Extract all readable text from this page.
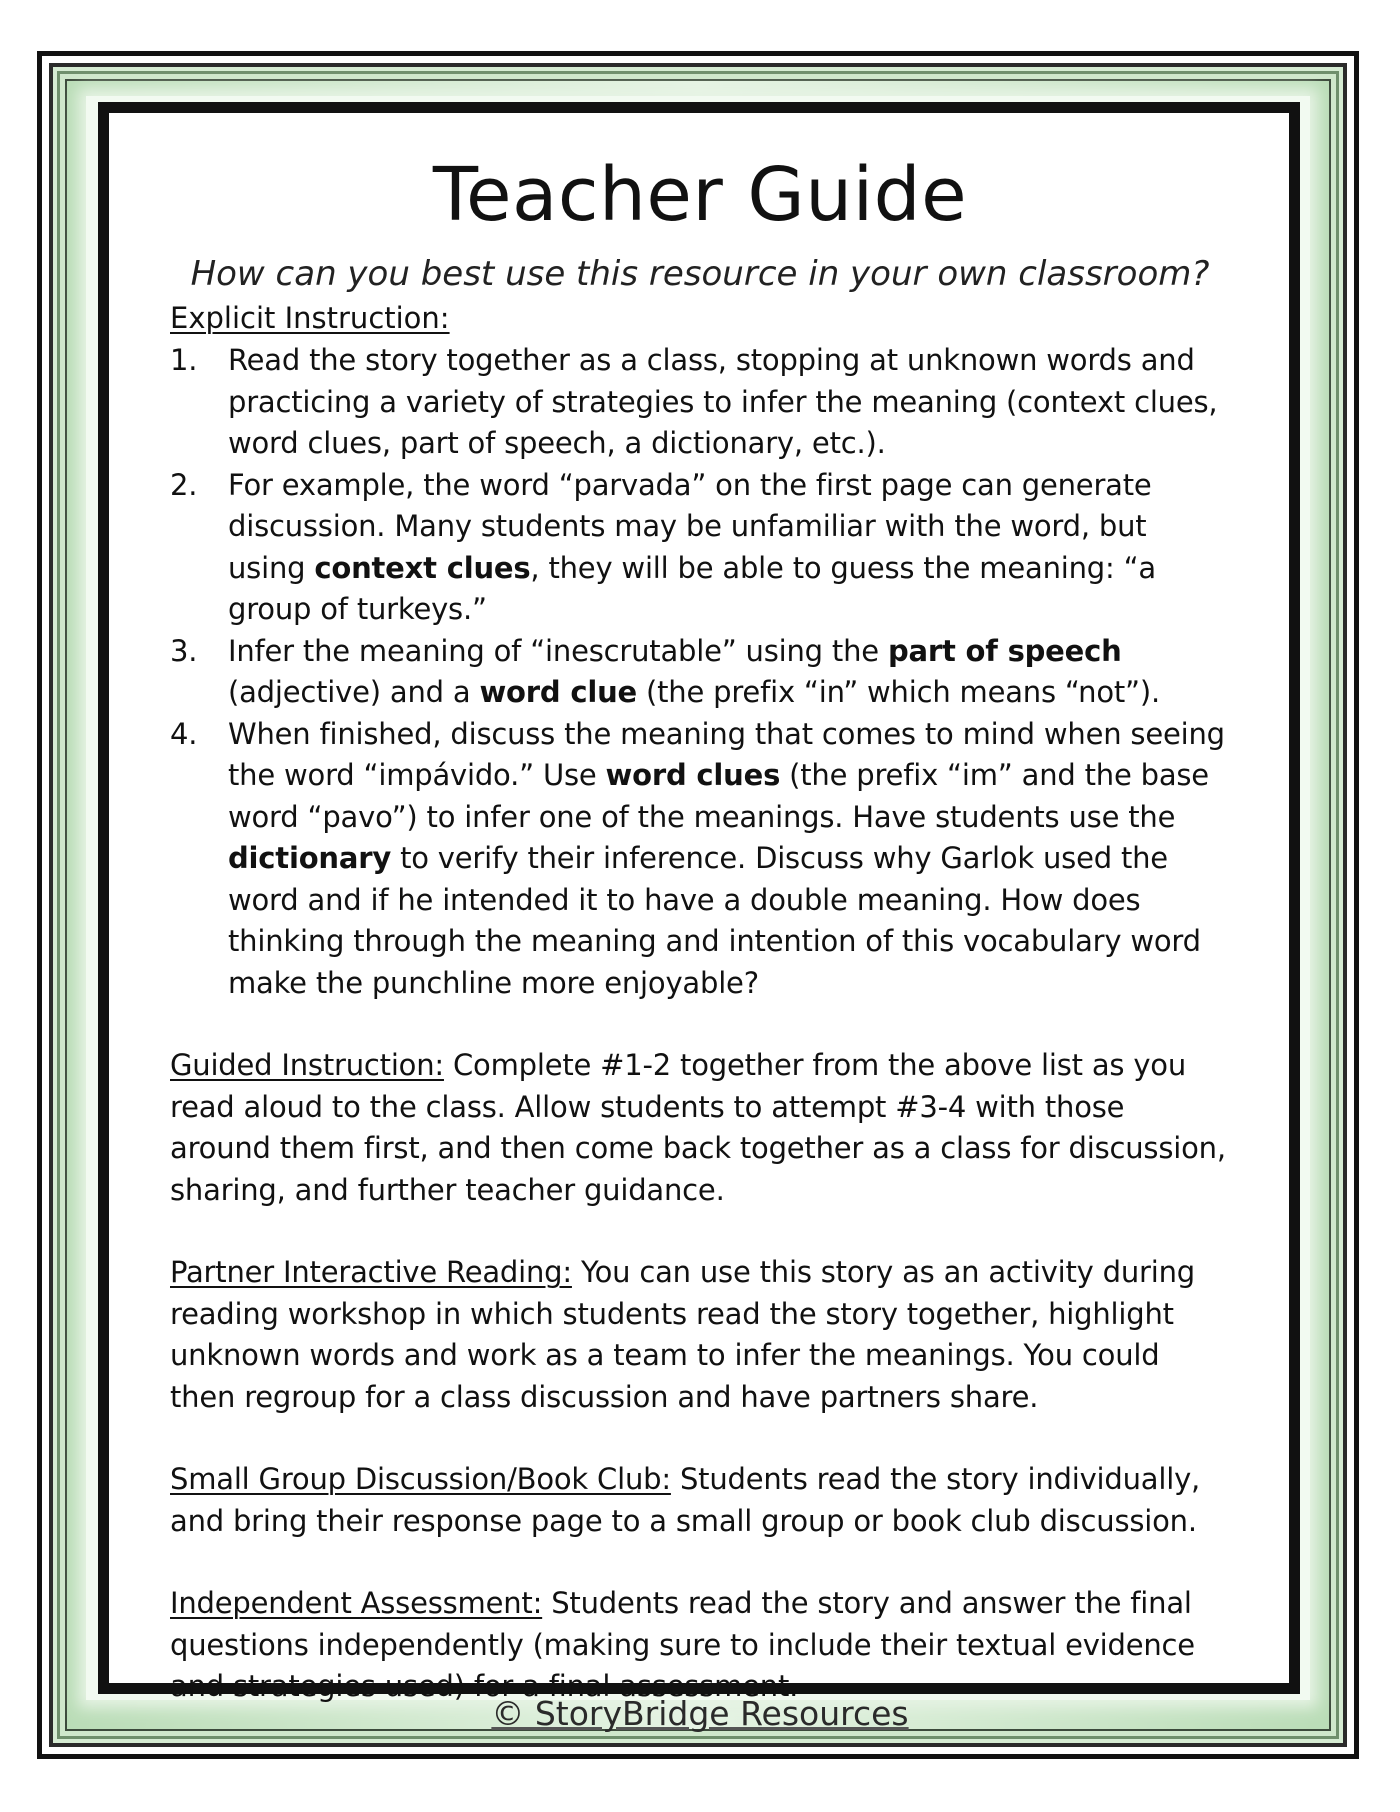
Teacher Guide

How can you best use this resource in your own classroom?

Explicit Instruction:
1. Read the story together as a class, stopping at unknown words and practicing a variety of strategies to infer the meaning (context clues, word clues, part of speech, a dictionary, etc.).
2. For example, the word “parvada” on the first page can generate discussion. Many students may be unfamiliar with the word, but using context clues, they will be able to guess the meaning: “a group of turkeys.”
3. Infer the meaning of “inescrutable” using the part of speech (adjective) and a word clue (the prefix “in” which means “not”).
4. When finished, discuss the meaning that comes to mind when seeing the word “impávido.” Use word clues (the prefix “im” and the base word “pavo”) to infer one of the meanings. Have students use the dictionary to verify their inference. Discuss why Garlok used the word and if he intended it to have a double meaning. How does thinking through the meaning and intention of this vocabulary word make the punchline more enjoyable?

Guided Instruction: Complete #1-2 together from the above list as you read aloud to the class. Allow students to attempt #3-4 with those around them first, and then come back together as a class for discussion, sharing, and further teacher guidance.

Partner Interactive Reading: You can use this story as an activity during reading workshop in which students read the story together, highlight unknown words and work as a team to infer the meanings. You could then regroup for a class discussion and have partners share.

Small Group Discussion/Book Club: Students read the story individually, and bring their response page to a small group or book club discussion.

Independent Assessment: Students read the story and answer the final questions independently (making sure to include their textual evidence and strategies used) for a final assessment.

© StoryBridge Resources
